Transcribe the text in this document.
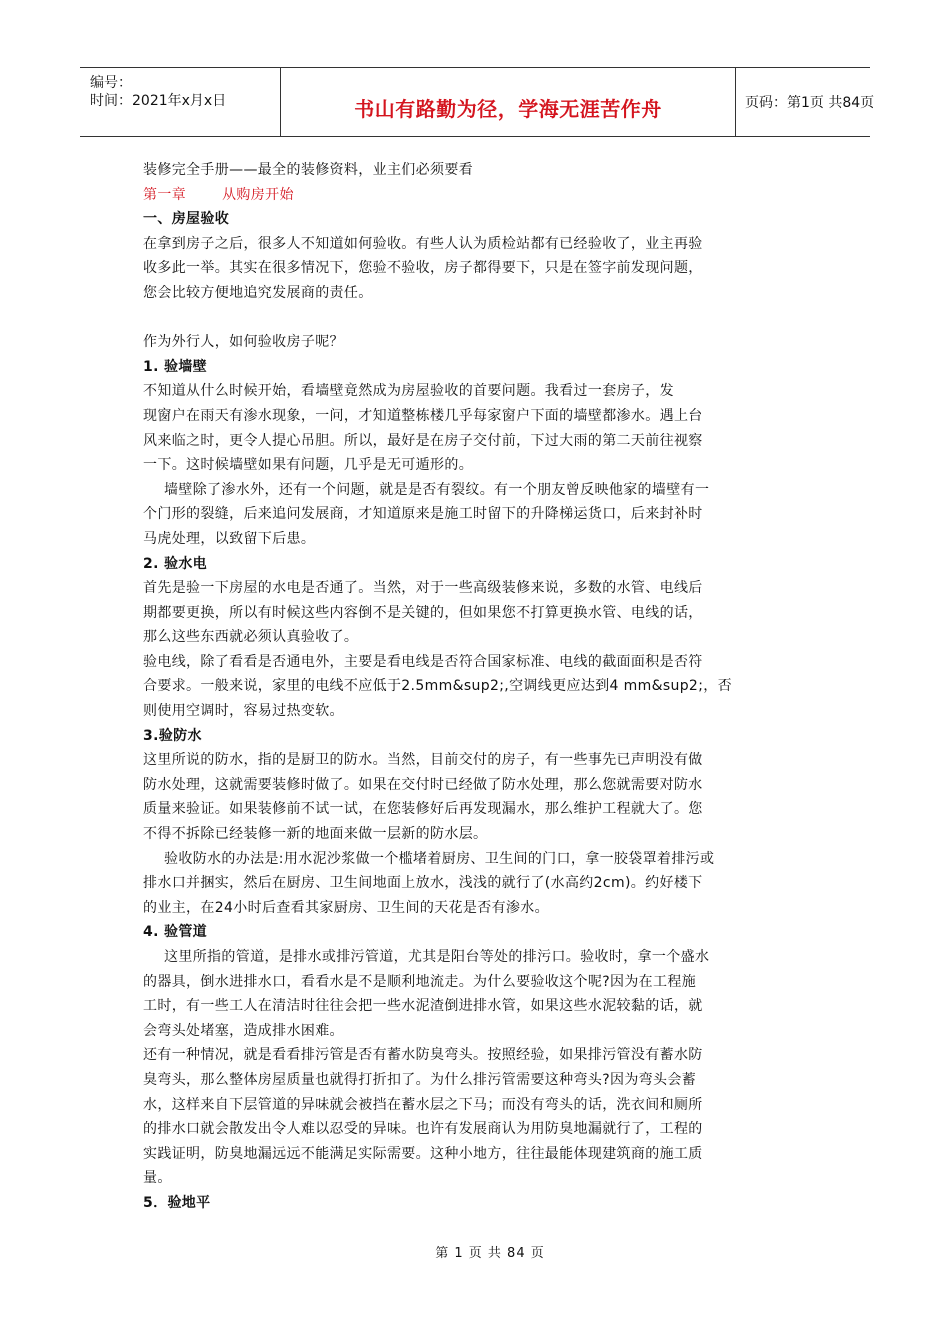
编号：
时间：2021年x月x日	书山有路勤为径，学海无涯苦作舟	页码：第1页 共84页

装修完全手册——最全的装修资料，业主们必须要看

第一章	从购房开始

一、房屋验收

在拿到房子之后，很多人不知道如何验收。有些人认为质检站都有已经验收了，业主再验

收多此一举。其实在很多情况下，您验不验收，房子都得要下，只是在签字前发现问题，

您会比较方便地追究发展商的责任。

作为外行人，如何验收房子呢？

1. 验墙壁

不知道从什么时候开始，看墙壁竟然成为房屋验收的首要问题。我看过一套房子，发

现窗户在雨天有渗水现象，一问，才知道整栋楼几乎每家窗户下面的墙壁都渗水。遇上台

风来临之时，更令人提心吊胆。所以，最好是在房子交付前，下过大雨的第二天前往视察

一下。这时候墙壁如果有问题，几乎是无可遁形的。

墙壁除了渗水外，还有一个问题，就是是否有裂纹。有一个朋友曾反映他家的墙壁有一

个门形的裂缝，后来追问发展商，才知道原来是施工时留下的升降梯运货口，后来封补时

马虎处理，以致留下后患。

2. 验水电

首先是验一下房屋的水电是否通了。当然，对于一些高级装修来说，多数的水管、电线后

期都要更换，所以有时候这些内容倒不是关键的，但如果您不打算更换水管、电线的话，

那么这些东西就必须认真验收了。

验电线，除了看看是否通电外，主要是看电线是否符合国家标准、电线的截面面积是否符

合要求。一般来说，家里的电线不应低于2.5mm&sup2;,空调线更应达到4 mm&sup2;，否

则使用空调时，容易过热变软。

3.验防水

这里所说的防水，指的是厨卫的防水。当然，目前交付的房子，有一些事先已声明没有做

防水处理，这就需要装修时做了。如果在交付时已经做了防水处理，那么您就需要对防水

质量来验证。如果装修前不试一试，在您装修好后再发现漏水，那么维护工程就大了。您

不得不拆除已经装修一新的地面来做一层新的防水层。

验收防水的办法是:用水泥沙浆做一个槛堵着厨房、卫生间的门口，拿一胶袋罩着排污或

排水口并捆实，然后在厨房、卫生间地面上放水，浅浅的就行了(水高约2cm)。约好楼下

的业主，在24小时后查看其家厨房、卫生间的天花是否有渗水。

4. 验管道

这里所指的管道，是排水或排污管道，尤其是阳台等处的排污口。验收时，拿一个盛水

的器具，倒水进排水口，看看水是不是顺利地流走。为什么要验收这个呢?因为在工程施

工时，有一些工人在清洁时往往会把一些水泥渣倒进排水管，如果这些水泥较黏的话，就

会弯头处堵塞，造成排水困难。

还有一种情况，就是看看排污管是否有蓄水防臭弯头。按照经验，如果排污管没有蓄水防

臭弯头，那么整体房屋质量也就得打折扣了。为什么排污管需要这种弯头?因为弯头会蓄

水，这样来自下层管道的异味就会被挡在蓄水层之下马；而没有弯头的话，洗衣间和厕所

的排水口就会散发出令人难以忍受的异味。也许有发展商认为用防臭地漏就行了，工程的

实践证明，防臭地漏远远不能满足实际需要。这种小地方，往往最能体现建筑商的施工质

量。

5．验地平

第 1 页 共 84 页
